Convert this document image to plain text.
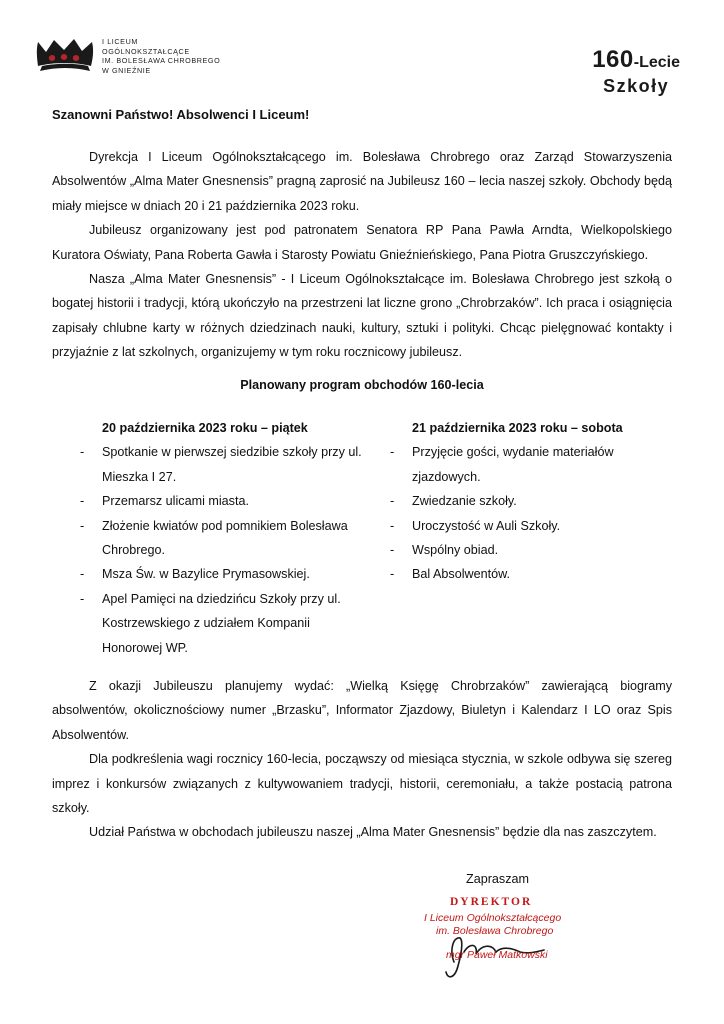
I LICEUM
OGÓLNOKSZTAŁCĄCE
IM. BOLESŁAWA CHROBREGO
W GNIEŹNIE	160-Lecie
Szkoły
Szanowni Państwo! Absolwenci I Liceum!

Dyrekcja I Liceum Ogólnokształcącego im. Bolesława Chrobrego oraz Zarząd Stowarzyszenia Absolwentów „Alma Mater Gnesnensis” pragną zaprosić na Jubileusz 160 – lecia naszej szkoły. Obchody będą miały miejsce w dniach 20 i 21 października 2023 roku.

Jubileusz organizowany jest pod patronatem Senatora RP Pana Pawła Arndta, Wielkopolskiego Kuratora Oświaty, Pana Roberta Gawła i Starosty Powiatu Gnieźnieńskiego, Pana Piotra Gruszczyńskiego.

Nasza „Alma Mater Gnesnensis” - I Liceum Ogólnokształcące im. Bolesława Chrobrego jest szkołą o bogatej historii i tradycji, którą ukończyło na przestrzeni lat liczne grono „Chrobrzaków”. Ich praca i osiągnięcia zapisały chlubne karty w różnych dziedzinach nauki, kultury, sztuki i polityki. Chcąc pielęgnować kontakty i przyjaźnie z lat szkolnych, organizujemy w tym roku rocznicowy jubileusz.

Planowany program obchodów 160-lecia
20 października 2023 roku – piątek
- Spotkanie w pierwszej siedzibie szkoły przy ul. Mieszka I 27.
- Przemarsz ulicami miasta.
- Złożenie kwiatów pod pomnikiem Bolesława Chrobrego.
- Msza Św. w Bazylice Prymasowskiej.
- Apel Pamięci na dziedzińcu Szkoły przy ul. Kostrzewskiego z udziałem Kompanii Honorowej WP.
21 października 2023 roku – sobota
- Przyjęcie gości, wydanie materiałów zjazdowych.
- Zwiedzanie szkoły.
- Uroczystość w Auli Szkoły.
- Wspólny obiad.
- Bal Absolwentów.

Z okazji Jubileuszu planujemy wydać: „Wielką Księgę Chrobrzaków” zawierającą biogramy absolwentów, okolicznościowy numer „Brzasku”, Informator Zjazdowy, Biuletyn i Kalendarz I LO oraz Spis Absolwentów.

Dla podkreślenia wagi rocznicy 160-lecia, począwszy od miesiąca stycznia, w szkole odbywa się szereg imprez i konkursów związanych z kultywowaniem tradycji, historii, ceremoniału, a także postacią patrona szkoły.

Udział Państwa w obchodach jubileuszu naszej „Alma Mater Gnesnensis” będzie dla nas zaszczytem.

Zapraszam
DYREKTOR
I Liceum Ogólnokształcącego
im. Bolesława Chrobrego
mgr Paweł Matkowski
